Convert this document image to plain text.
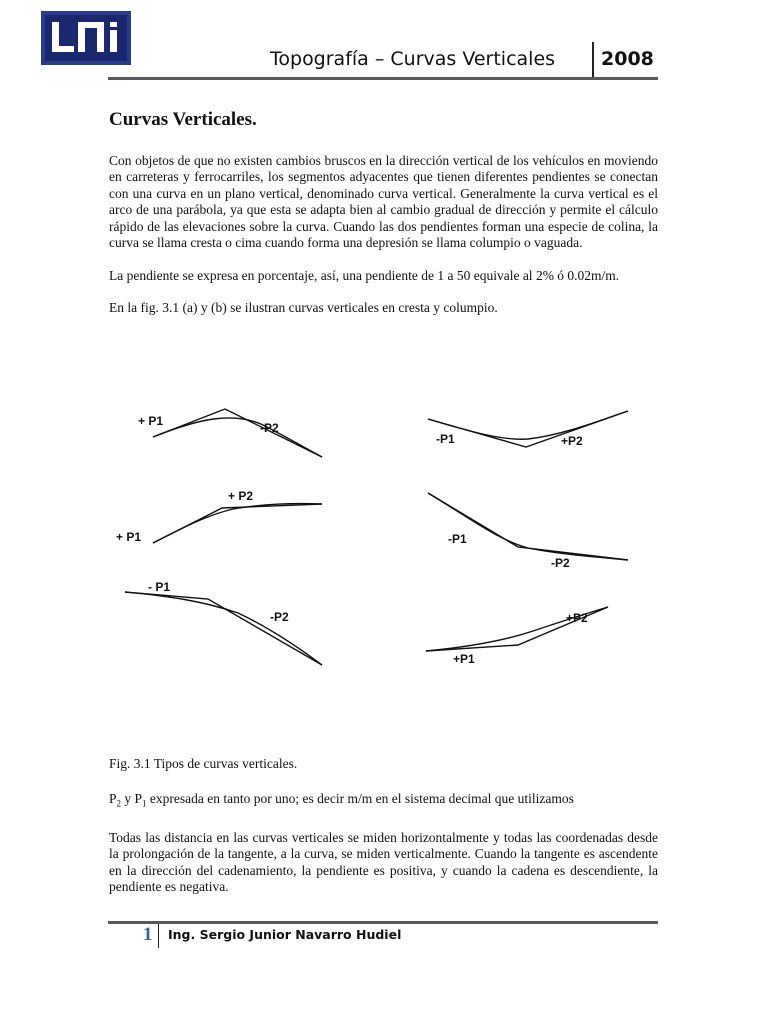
Topografía – Curvas Verticales 2008
Curvas Verticales.

Con objetos de que no existen cambios bruscos en la dirección vertical de los vehículos en moviendo en carreteras y ferrocarriles, los segmentos adyacentes que tienen diferentes pendientes se conectan con una curva en un plano vertical, denominado curva vertical. Generalmente la curva vertical es el arco de una parábola, ya que esta se adapta bien al cambio gradual de dirección y permite el cálculo rápido de las elevaciones sobre la curva. Cuando las dos pendientes forman una especie de colina, la curva se llama cresta o cima cuando forma una depresión se llama columpio o vaguada.

La pendiente se expresa en porcentaje, así, una pendiente de 1 a 50 equivale al 2% ó 0.02m/m.

En la fig. 3.1 (a) y (b) se ilustran curvas verticales en cresta y columpio.

+ P1	-P2
-P1	+P2
+ P1
+ P2
-P1
-P2
- P1
-P2
+P1
+P2

Fig. 3.1 Tipos de curvas verticales.

$P_2$ y $P_1$ expresada en tanto por uno; es decir m/m en el sistema decimal que utilizamos

Todas las distancia en las curvas verticales se miden horizontalmente y todas las coordenadas desde la prolongación de la tangente, a la curva, se miden verticalmente. Cuando la tangente es ascendente en la dirección del cadenamiento, la pendiente es positiva, y cuando la cadena es descendiente, la pendiente es negativa.

1 Ing. Sergio Junior Navarro Hudiel
